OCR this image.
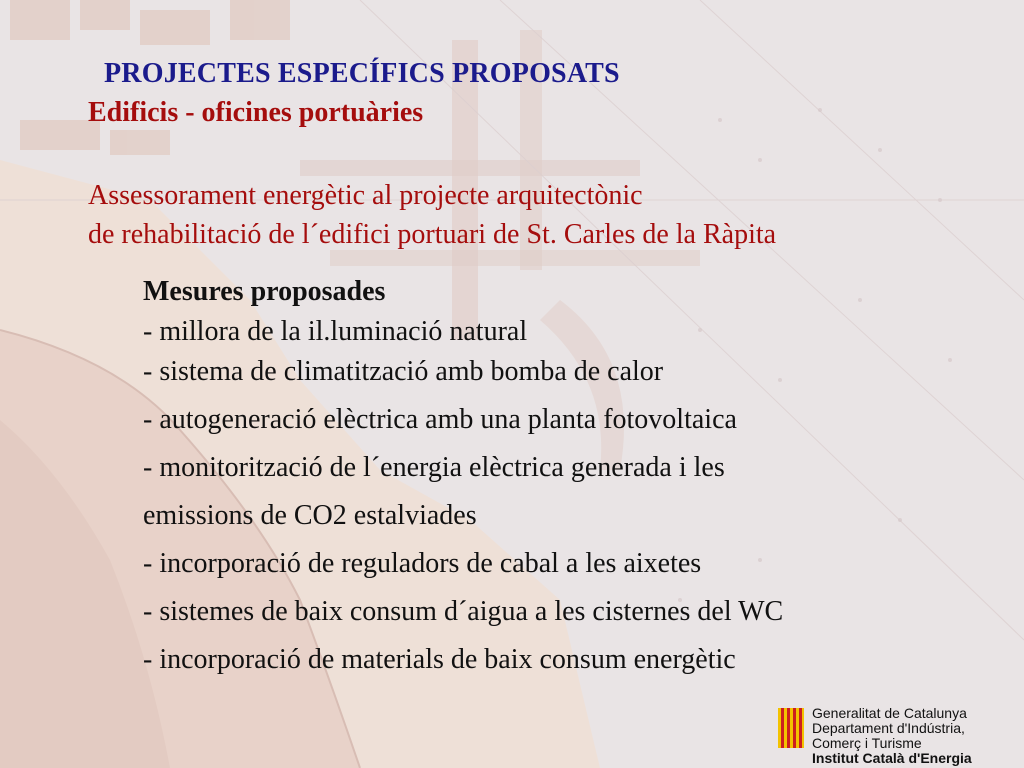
PROJECTES ESPECÍFICS PROPOSATS
Edificis - oficines portuàries
Assessorament energètic al projecte arquitectònic
de rehabilitació de l´edifici portuari de St. Carles de la Ràpita
Mesures proposades
- millora de la il.luminació natural
- sistema de climatització amb bomba de calor
- autogeneració elèctrica amb una planta fotovoltaica
- monitorització de l´energia elèctrica generada i les
emissions de CO2 estalviades
- incorporació de reguladors de cabal a les aixetes
- sistemes de baix consum d´aigua a les cisternes del WC
- incorporació de materials de baix consum energètic
Generalitat de Catalunya
Departament d'Indústria,
Comerç i Turisme
Institut Català d'Energia
